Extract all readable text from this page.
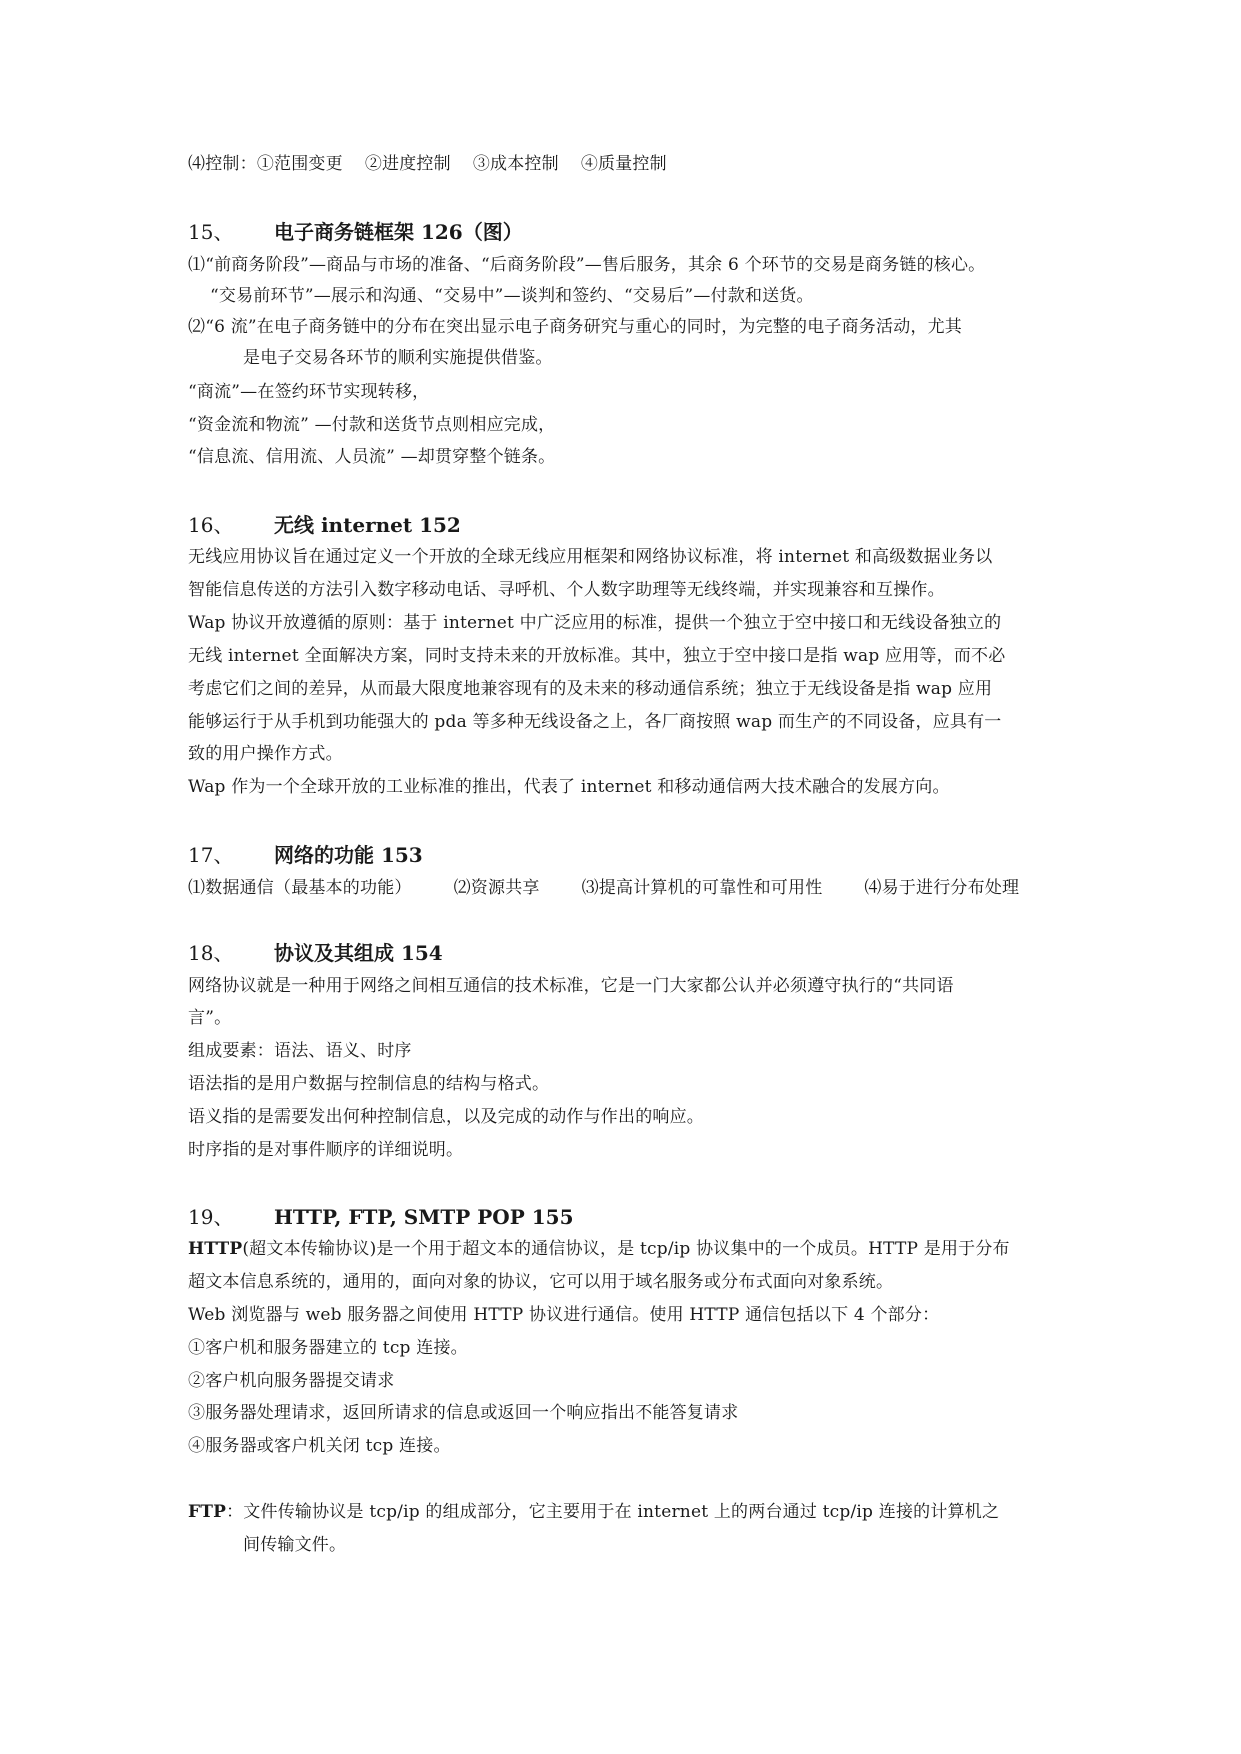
⑷控制：①范围变更 ②进度控制 ③成本控制 ④质量控制
15、 电子商务链框架 126（图）
⑴“前商务阶段”—商品与市场的准备、“后商务阶段”—售后服务，其余 6 个环节的交易是商务链的核心。
“交易前环节”—展示和沟通、“交易中”—谈判和签约、“交易后”—付款和送货。
⑵“6 流”在电子商务链中的分布在突出显示电子商务研究与重心的同时，为完整的电子商务活动，尤其
是电子交易各环节的顺利实施提供借鉴。
“商流”—在签约环节实现转移，
“资金流和物流” —付款和送货节点则相应完成，
“信息流、信用流、人员流” —却贯穿整个链条。
16、 无线 internet 152
无线应用协议旨在通过定义一个开放的全球无线应用框架和网络协议标准，将 internet 和高级数据业务以
智能信息传送的方法引入数字移动电话、寻呼机、个人数字助理等无线终端，并实现兼容和互操作。
Wap 协议开放遵循的原则：基于 internet 中广泛应用的标准，提供一个独立于空中接口和无线设备独立的
无线 internet 全面解决方案，同时支持未来的开放标准。其中，独立于空中接口是指 wap 应用等，而不必
考虑它们之间的差异，从而最大限度地兼容现有的及未来的移动通信系统；独立于无线设备是指 wap 应用
能够运行于从手机到功能强大的 pda 等多种无线设备之上，各厂商按照 wap 而生产的不同设备，应具有一
致的用户操作方式。
Wap 作为一个全球开放的工业标准的推出，代表了 internet 和移动通信两大技术融合的发展方向。
17、 网络的功能 153
⑴数据通信（最基本的功能） ⑵资源共享 ⑶提高计算机的可靠性和可用性 ⑷易于进行分布处理
18、 协议及其组成 154
网络协议就是一种用于网络之间相互通信的技术标准，它是一门大家都公认并必须遵守执行的“共同语
言”。
组成要素：语法、语义、时序
语法指的是用户数据与控制信息的结构与格式。
语义指的是需要发出何种控制信息，以及完成的动作与作出的响应。
时序指的是对事件顺序的详细说明。
19、 HTTP, FTP, SMTP POP 155
HTTP(超文本传输协议)是一个用于超文本的通信协议，是 tcp/ip 协议集中的一个成员。HTTP 是用于分布
超文本信息系统的，通用的，面向对象的协议，它可以用于域名服务或分布式面向对象系统。
Web 浏览器与 web 服务器之间使用 HTTP 协议进行通信。使用 HTTP 通信包括以下 4 个部分：
①客户机和服务器建立的 tcp 连接。
②客户机向服务器提交请求
③服务器处理请求，返回所请求的信息或返回一个响应指出不能答复请求
④服务器或客户机关闭 tcp 连接。
FTP：文件传输协议是 tcp/ip 的组成部分，它主要用于在 internet 上的两台通过 tcp/ip 连接的计算机之
间传输文件。
